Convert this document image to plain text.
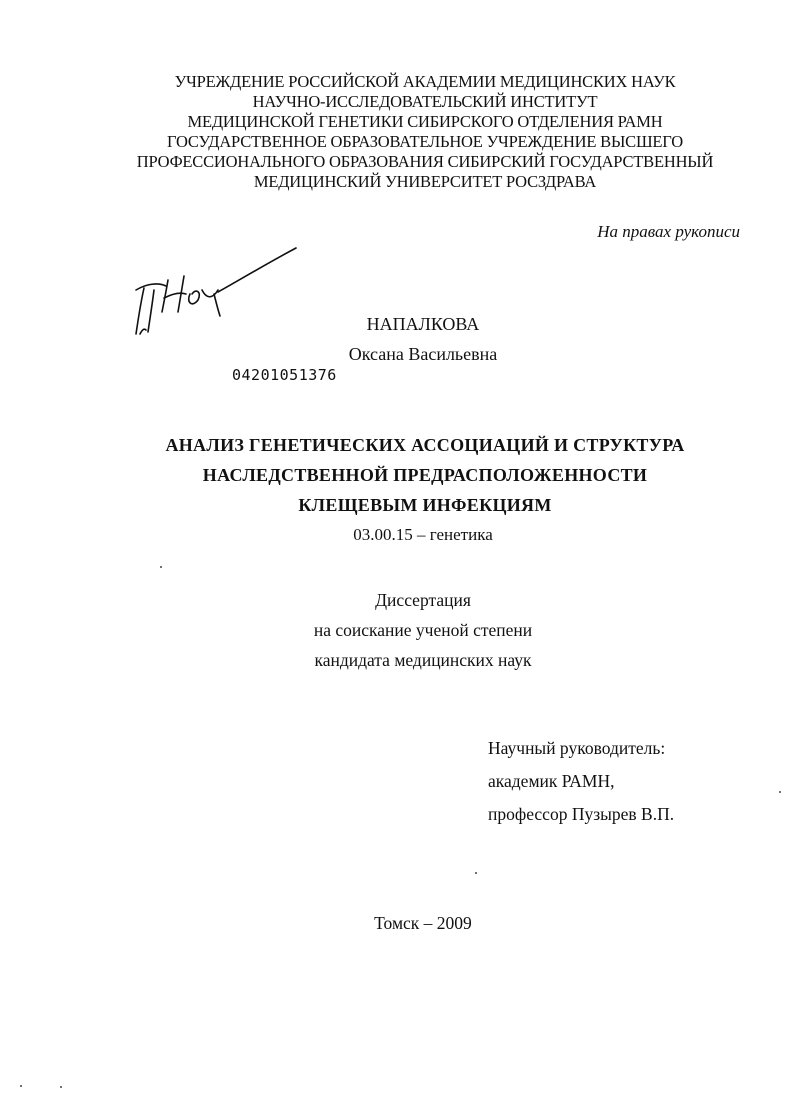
УЧРЕЖДЕНИЕ РОССИЙСКОЙ АКАДЕМИИ МЕДИЦИНСКИХ НАУК
НАУЧНО-ИССЛЕДОВАТЕЛЬСКИЙ ИНСТИТУТ
МЕДИЦИНСКОЙ ГЕНЕТИКИ СИБИРСКОГО ОТДЕЛЕНИЯ РАМН
ГОСУДАРСТВЕННОЕ ОБРАЗОВАТЕЛЬНОЕ УЧРЕЖДЕНИЕ ВЫСШЕГО
ПРОФЕССИОНАЛЬНОГО ОБРАЗОВАНИЯ СИБИРСКИЙ ГОСУДАРСТВЕННЫЙ
МЕДИЦИНСКИЙ УНИВЕРСИТЕТ РОСЗДРАВА
На правах рукописи
НАПАЛКОВА
Оксана Васильевна
04201051376
АНАЛИЗ ГЕНЕТИЧЕСКИХ АССОЦИАЦИЙ И СТРУКТУРА
НАСЛЕДСТВЕННОЙ ПРЕДРАСПОЛОЖЕННОСТИ
КЛЕЩЕВЫМ ИНФЕКЦИЯМ
03.00.15 – генетика
Диссертация
на соискание ученой степени
кандидата медицинских наук
Научный руководитель:
академик РАМН,
профессор Пузырев В.П.
Томск – 2009
